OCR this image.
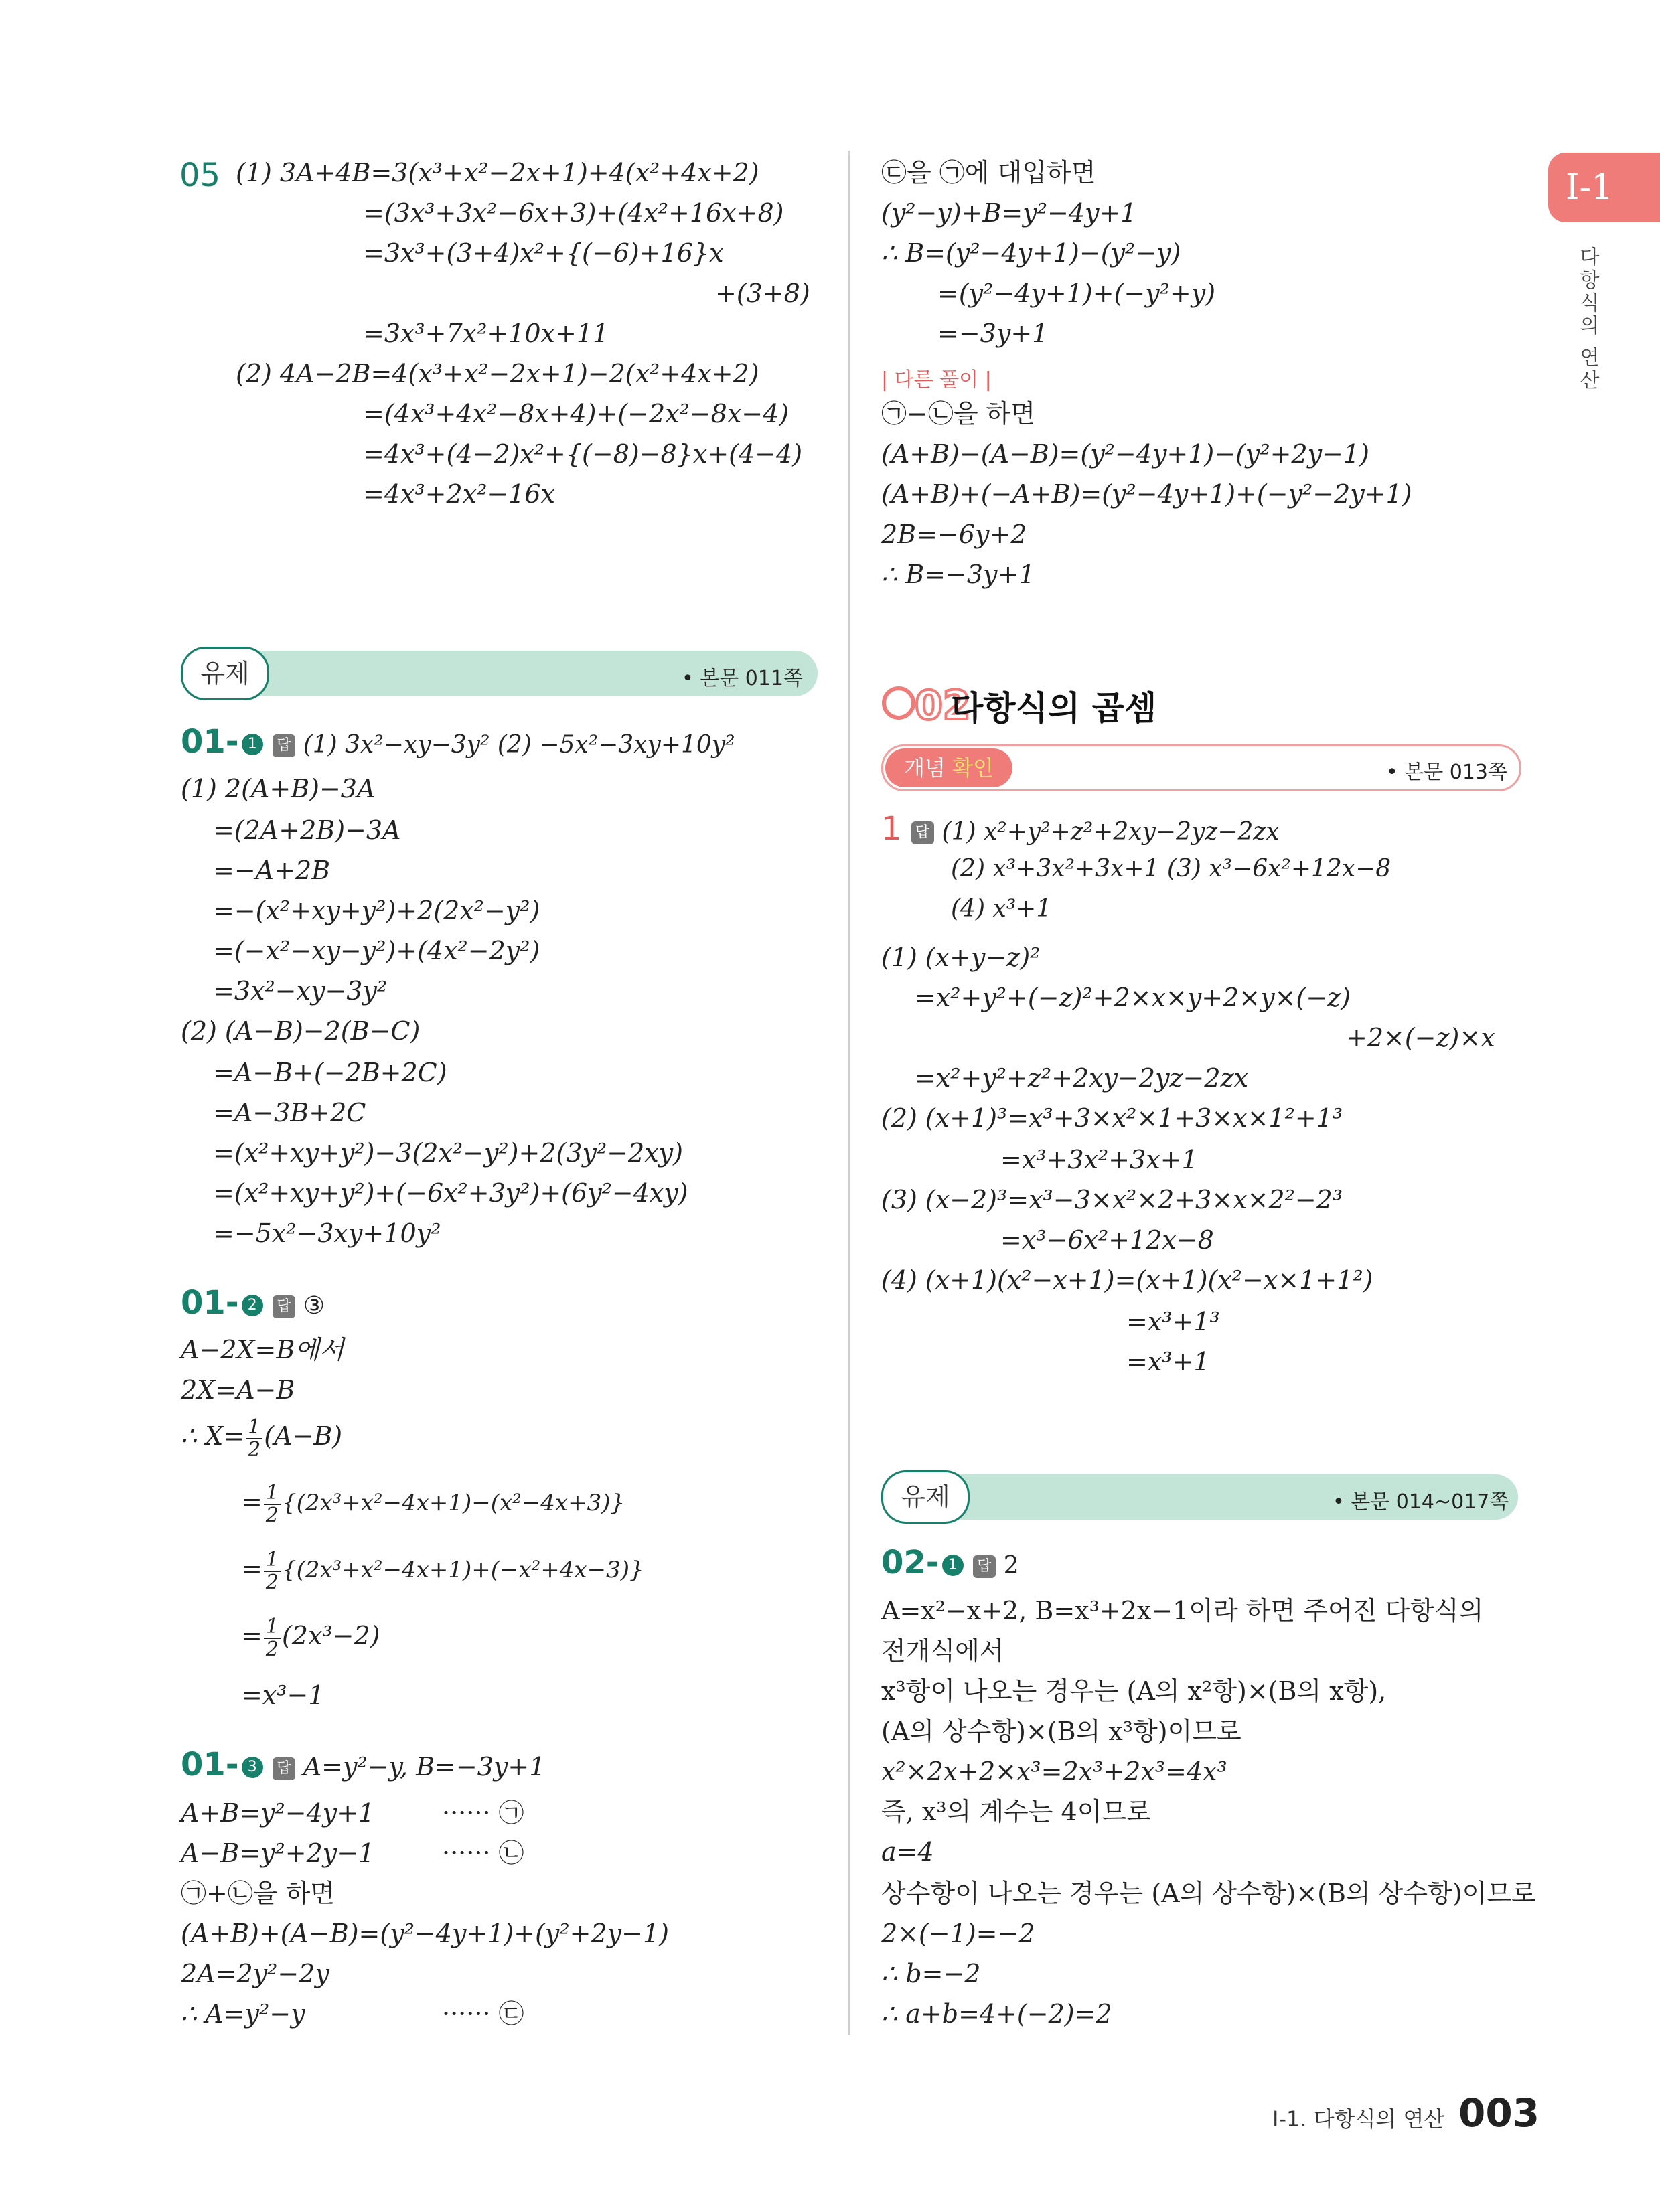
I-1
다항식의 연산
05 (1) 3A+4B=3(x³+x²−2x+1)+4(x²+4x+2)
=(3x³+3x²−6x+3)+(4x²+16x+8)
=3x³+(3+4)x²+{(−6)+16}x
+(3+8)
=3x³+7x²+10x+11
(2) 4A−2B=4(x³+x²−2x+1)−2(x²+4x+2)
=(4x³+4x²−8x+4)+(−2x²−8x−4)
=4x³+(4−2)x²+{(−8)−8}x+(4−4)
=4x³+2x²−16x
유제	• 본문 011쪽
01- 1 답 (1) 3x²−xy−3y² (2) −5x²−3xy+10y²
(1) 2(A+B)−3A
=(2A+2B)−3A
=−A+2B
=−(x²+xy+y²)+2(2x²−y²)
=(−x²−xy−y²)+(4x²−2y²)
=3x²−xy−3y²
(2) (A−B)−2(B−C)
=A−B+(−2B+2C)
=A−3B+2C
=(x²+xy+y²)−3(2x²−y²)+2(3y²−2xy)
=(x²+xy+y²)+(−6x²+3y²)+(6y²−4xy)
=−5x²−3xy+10y²
01- 2 답 ③
A−2X=B에서
2X=A−B
∴ $X= \frac{1}{2} (A-B)$
= $\frac{1}{2} \{(2x^3+x^2-4x+1)-(x^2-4x+3)\}$
= $\frac{1}{2} \{(2x^3+x^2-4x+1)+(-x^2+4x-3)\}$
= $\frac{1}{2} (2x^3-2)$
=x³−1
01- 3 답 A=y²−y, B=−3y+1
A+B=y²−4y+1	······ ㉠
A−B=y²+2y−1	······ ㉡
㉠+㉡을 하면
(A+B)+(A−B)=(y²−4y+1)+(y²+2y−1)
2A=2y²−2y
∴ A=y²−y	······ ㉢
㉢을 ㉠에 대입하면
(y²−y)+B=y²−4y+1
∴ B=(y²−4y+1)−(y²−y)
=(y²−4y+1)+(−y²+y)
=−3y+1
| 다른 풀이 |
㉠−㉡을 하면
(A+B)−(A−B)=(y²−4y+1)−(y²+2y−1)
(A+B)+(−A+B)=(y²−4y+1)+(−y²−2y+1)
2B=−6y+2
∴ B=−3y+1
02
다항식의 곱셈
개념 확인	• 본문 013쪽
1 답 (1) x²+y²+z²+2xy−2yz−2zx
(2) x³+3x²+3x+1 (3) x³−6x²+12x−8
(4) x³+1
(1) (x+y−z)²
=x²+y²+(−z)²+2×x×y+2×y×(−z)
+2×(−z)×x
=x²+y²+z²+2xy−2yz−2zx
(2) (x+1)³=x³+3×x²×1+3×x×1²+1³
=x³+3x²+3x+1
(3) (x−2)³=x³−3×x²×2+3×x×2²−2³
=x³−6x²+12x−8
(4) (x+1)(x²−x+1)=(x+1)(x²−x×1+1²)
=x³+1³
=x³+1
유제	• 본문 014~017쪽
02- 1 답 2
A=x²−x+2, B=x³+2x−1이라 하면 주어진 다항식의
전개식에서
x³항이 나오는 경우는 (A의 x²항)×(B의 x항),
(A의 상수항)×(B의 x³항)이므로
x²×2x+2×x³=2x³+2x³=4x³
즉, x³의 계수는 4이므로
a=4
상수항이 나오는 경우는 (A의 상수항)×(B의 상수항)이므로
2×(−1)=−2
∴ b=−2
∴ a+b=4+(−2)=2
I-1. 다항식의 연산 003
